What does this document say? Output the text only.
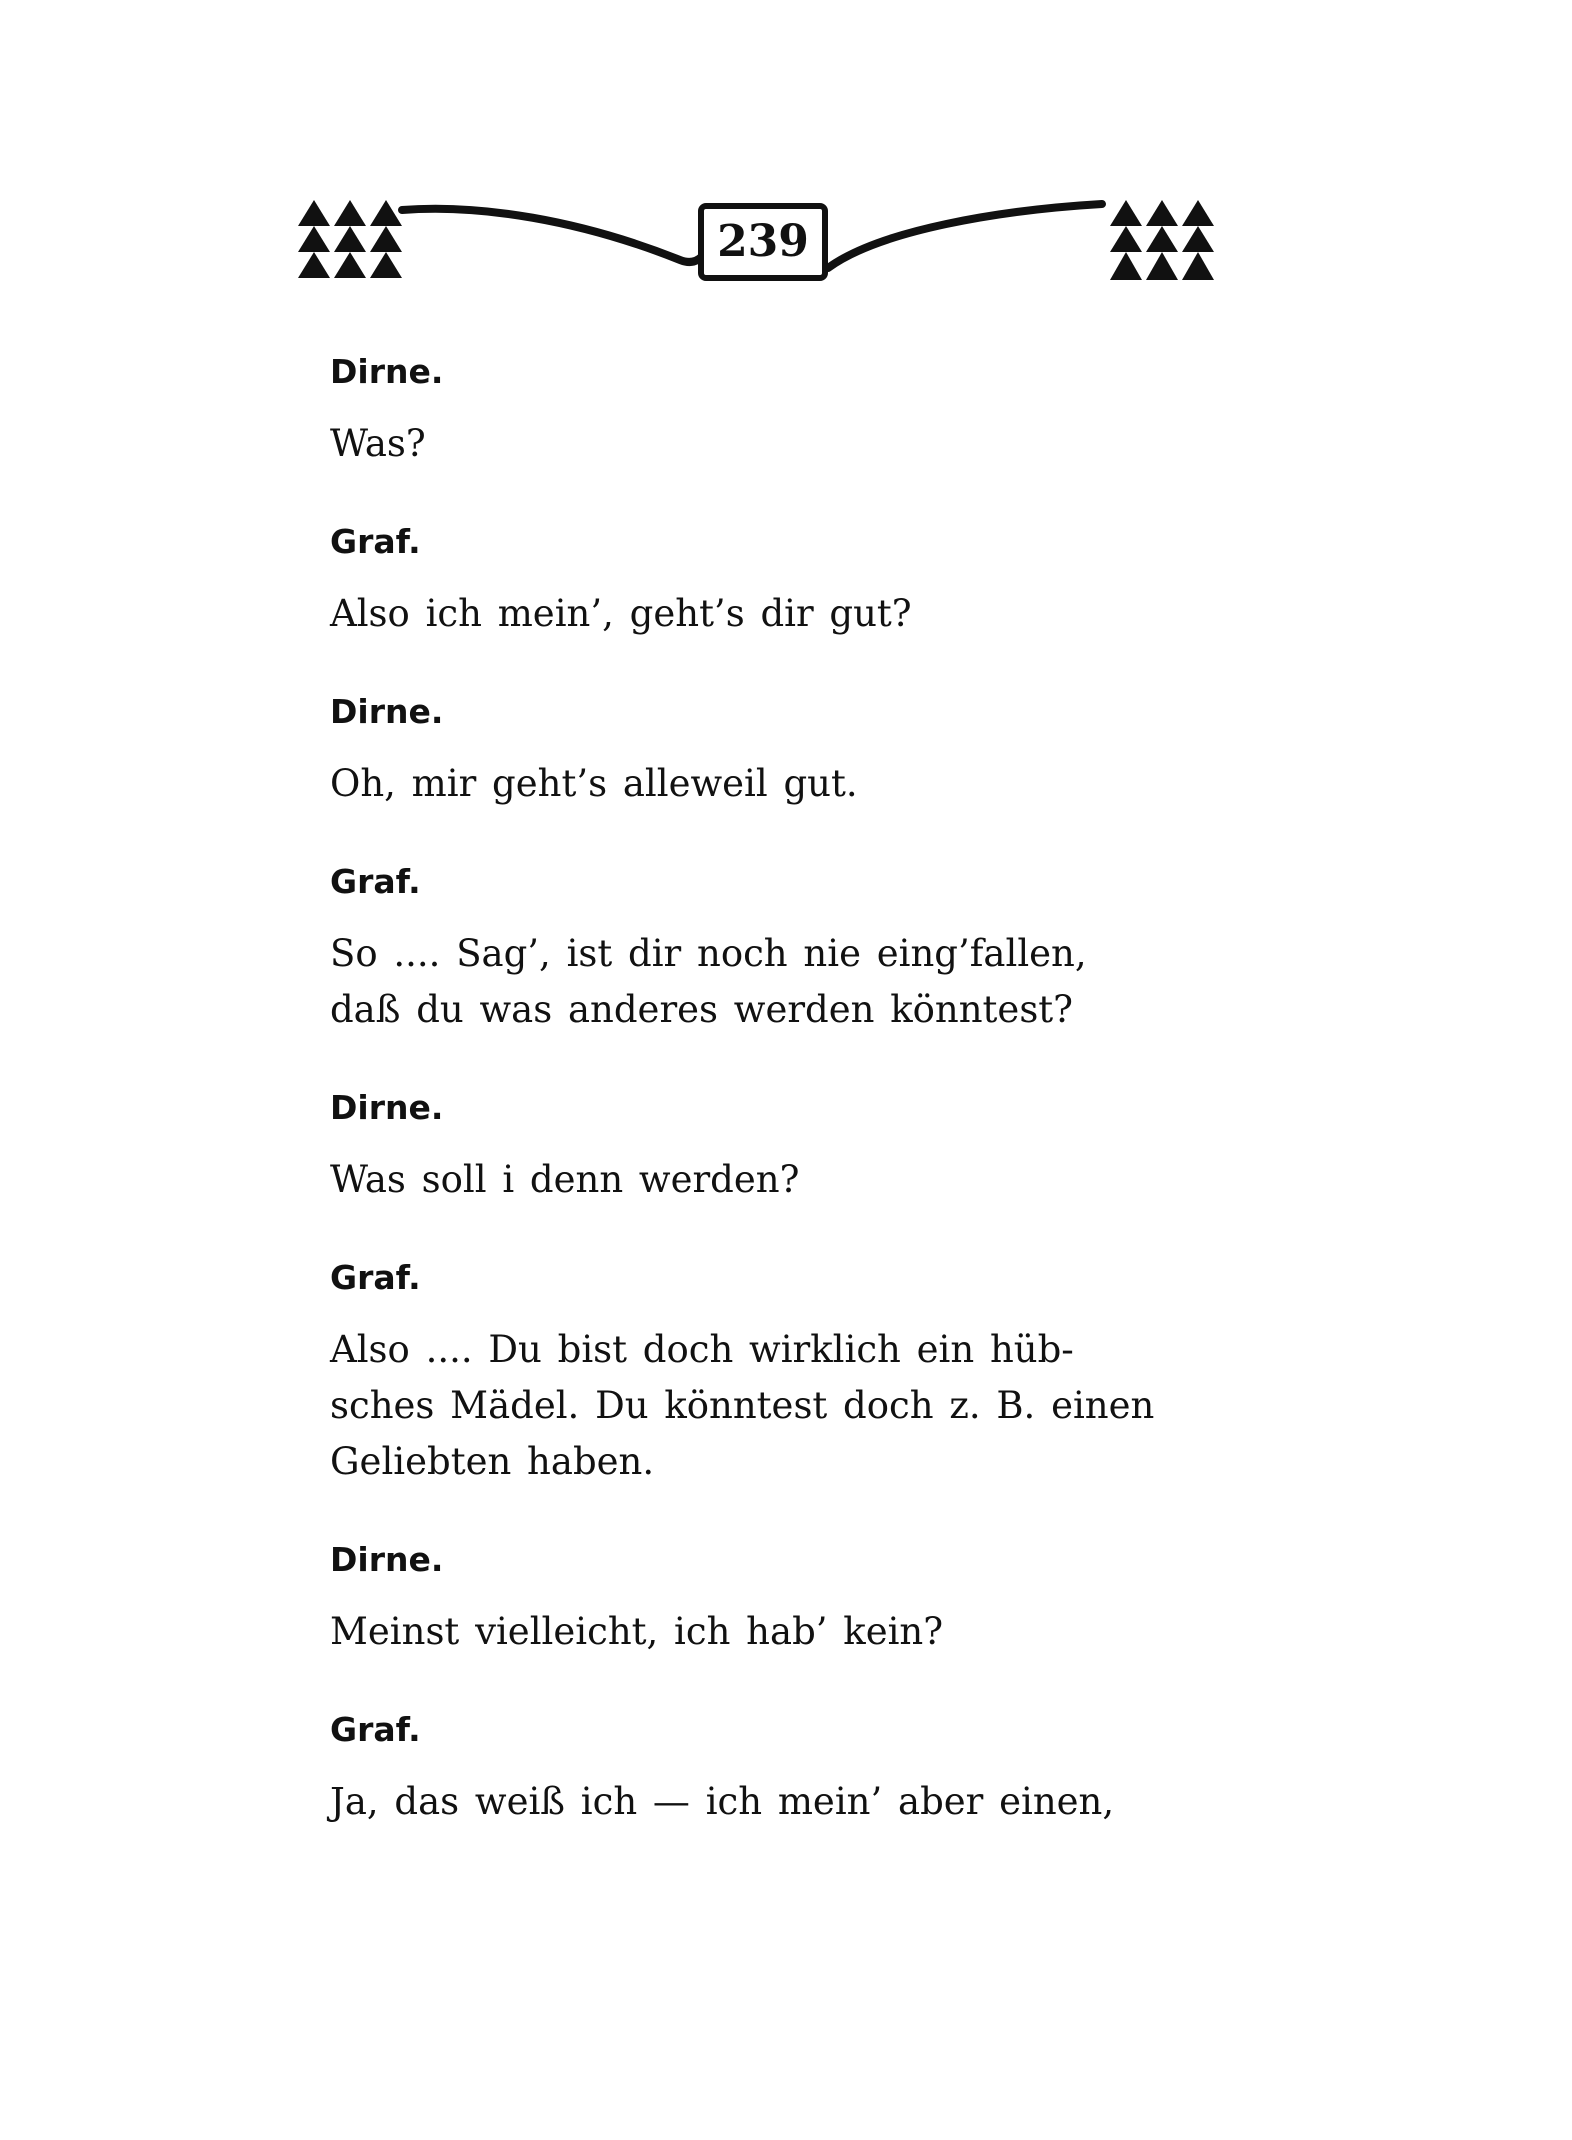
239

Dirne.

Was?

Graf.

Also ich mein’, geht’s dir gut?

Dirne.

Oh, mir geht’s alleweil gut.

Graf.

So .... Sag’, ist dir noch nie eing’fallen,

daß du was anderes werden könntest?

Dirne.

Was soll i denn werden?

Graf.

Also .... Du bist doch wirklich ein hüb-

sches Mädel. Du könntest doch z. B. einen

Geliebten haben.

Dirne.

Meinst vielleicht, ich hab’ kein?

Graf.

Ja, das weiß ich — ich mein’ aber einen,
